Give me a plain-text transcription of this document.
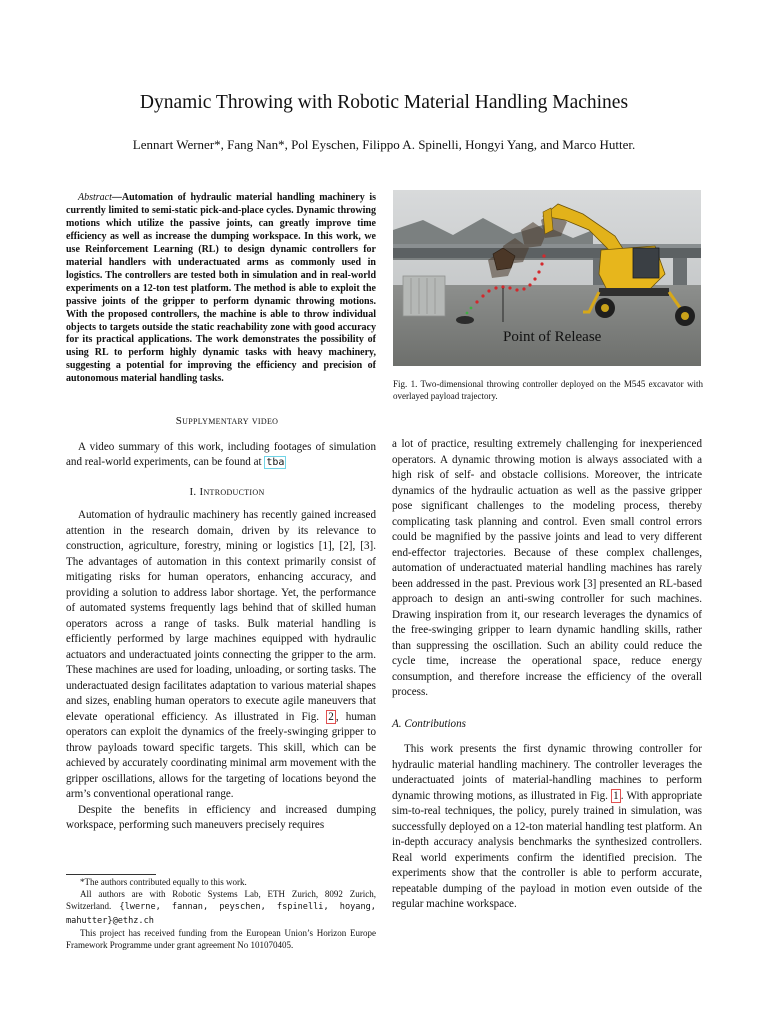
Dynamic Throwing with Robotic Material Handling Machines
Lennart Werner*, Fang Nan*, Pol Eyschen, Filippo A. Spinelli, Hongyi Yang, and Marco Hutter.
Abstract—Automation of hydraulic material handling machinery is currently limited to semi-static pick-and-place cycles. Dynamic throwing motions which utilize the passive joints, can greatly improve time efficiency as well as increase the dumping workspace. In this work, we use Reinforcement Learning (RL) to design dynamic controllers for material handlers with underactuated arms as commonly used in logistics. The controllers are tested both in simulation and in real-world experiments on a 12-ton test platform. The method is able to exploit the passive joints of the gripper to perform dynamic throwing motions. With the proposed controllers, the machine is able to throw individual objects to targets outside the static reachability zone with good accuracy for its practical applications. The work demonstrates the possibility of using RL to perform highly dynamic tasks with heavy machinery, suggesting a potential for improving the efficiency and precision of autonomous material handling tasks.
Point of Release
Fig. 1. Two-dimensional throwing controller deployed on the M545 excavator with overlayed payload trajectory.

Supplymentary video

A video summary of this work, including footages of simulation and real-world experiments, can be found at tba

I. Introduction

Automation of hydraulic machinery has recently gained increased attention in the research domain, driven by its relevance to construction, agriculture, forestry, mining or logistics [1], [2], [3]. The advantages of automation in this context primarily consist of mitigating risks for human operators, enhancing accuracy, and providing a solution to address labor shortage. Yet, the performance of automated systems frequently lags behind that of skilled human operators across a range of tasks. Bulk material handling is efficiently performed by large machines equipped with hydraulic actuators and underactuated joints connecting the gripper to the arm. These machines are used for loading, unloading, or sorting tasks. The underactuated design facilitates adaptation to various material shapes and sizes, enabling human operators to execute agile maneuvers that elevate operational efficiency. As illustrated in Fig. 2 , human operators can exploit the dynamics of the freely-swinging gripper to throw payloads toward specific targets. This skill, which can be achieved by accurately coordinating minimal arm movement with the gripper oscillations, allows for the targeting of locations beyond the arm’s conventional operational range.

Despite the benefits in efficiency and increased dumping workspace, performing such maneuvers precisely requires

*The authors contributed equally to this work.

All authors are with Robotic Systems Lab, ETH Zurich, 8092 Zurich, Switzerland. {lwerne, fannan, peyschen, fspinelli, hoyang, mahutter}@ethz.ch

This project has received funding from the European Union’s Horizon Europe Framework Programme under grant agreement No 101070405.

a lot of practice, resulting extremely challenging for inexperienced operators. A dynamic throwing motion is always associated with a high risk of self- and obstacle collisions. Moreover, the intricate dynamics of the hydraulic actuation as well as the passive gripper pose significant challenges to the modeling process, thereby complicating task planning and control. Even small control errors could be magnified by the passive joints and lead to very different end-effector trajectories. Because of these complex challenges, automation of underactuated material handling machines has rarely been addressed in the past. Previous work [3] presented an RL-based approach to design an anti-swing controller for such machines. Drawing inspiration from it, our research leverages the dynamics of the free-swinging gripper to learn dynamic handling skills, rather than suppressing the oscillation. Such an ability could reduce the cycle time, increase the operational space, reduce energy consumption, and therefore increase the efficiency of the overall process.

A. Contributions

This work presents the first dynamic throwing controller for hydraulic material handling machinery. The controller leverages the underactuated joints of material-handling machines to perform dynamic throwing motions, as illustrated in Fig. 1 . With appropriate sim-to-real techniques, the policy, purely trained in simulation, was successfully deployed on a 12-ton material handling test platform. An in-depth accuracy analysis benchmarks the synthesized controllers. Real world experiments confirm the identified precision. The experiments show that the controller is able to perform accurate, repeatable dumping of the payload in motion even outside of the regular machine workspace.
